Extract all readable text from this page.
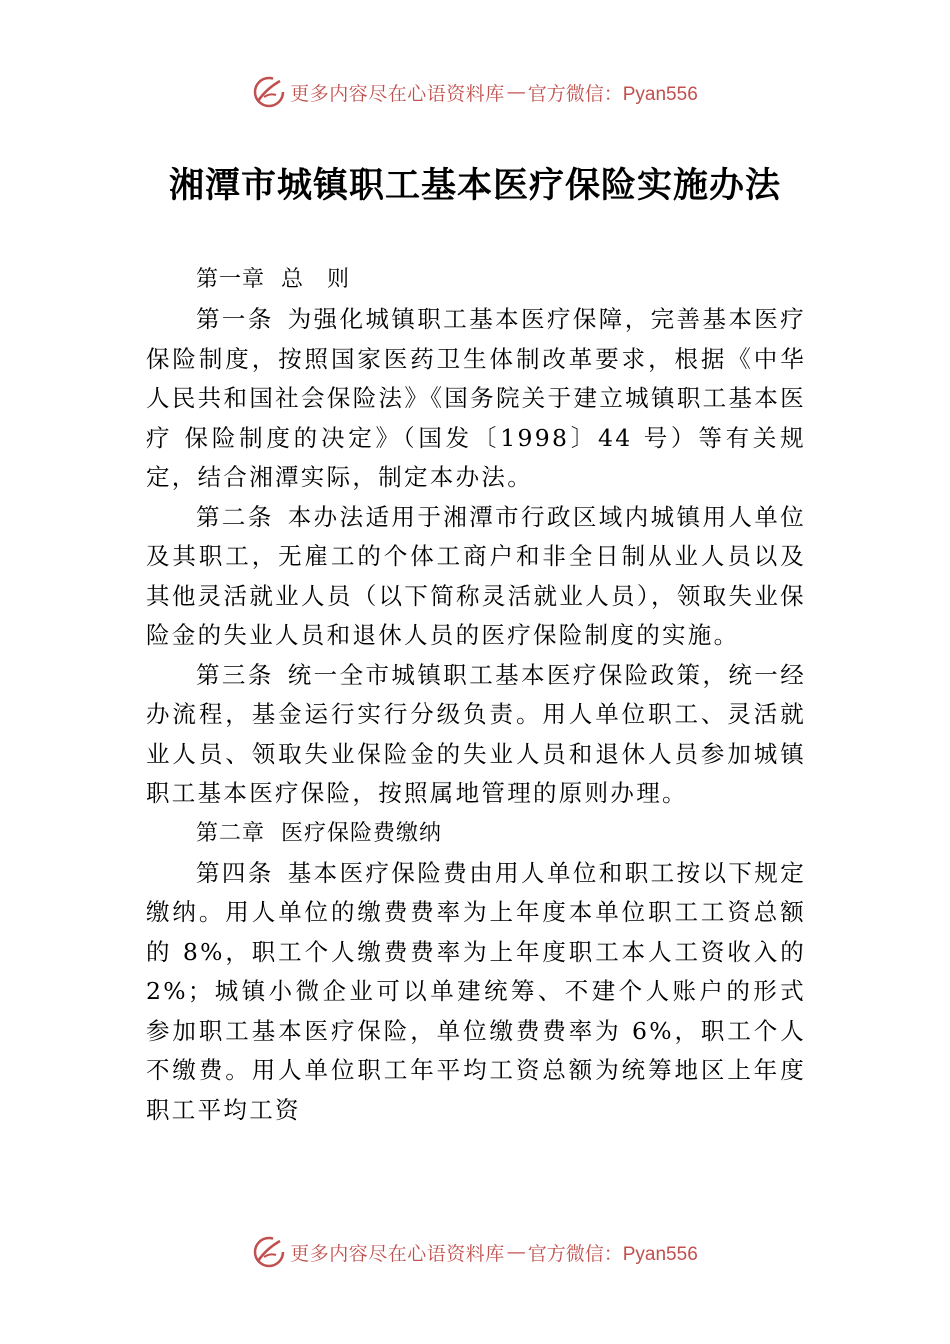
更多内容尽在心语资料库 — 官方微信：Pyan556
湘潭市城镇职工基本医疗保险实施办法

第一章 总　则

第一条 为强化城镇职工基本医疗保障，完善基本医疗保险制度，按照国家医药卫生体制改革要求，根据《中华人民共和国社会保险法》《国务院关于建立城镇职工基本医疗 保险制度的决定》（国发〔1998〕44 号）等有关规定，结合湘潭实际，制定本办法。

第二条 本办法适用于湘潭市行政区域内城镇用人单位及其职工，无雇工的个体工商户和非全日制从业人员以及其他灵活就业人员（以下简称灵活就业人员），领取失业保险金的失业人员和退休人员的医疗保险制度的实施。

第三条 统一全市城镇职工基本医疗保险政策，统一经办流程，基金运行实行分级负责。用人单位职工、灵活就业人员、领取失业保险金的失业人员和退休人员参加城镇职工基本医疗保险，按照属地管理的原则办理。

第二章 医疗保险费缴纳

第四条 基本医疗保险费由用人单位和职工按以下规定缴纳。用人单位的缴费费率为上年度本单位职工工资总额的 8%，职工个人缴费费率为上年度职工本人工资收入的 2%；城镇小微企业可以单建统筹、不建个人账户的形式参加职工基本医疗保险，单位缴费费率为 6%，职工个人不缴费。用人单位职工年平均工资总额为统筹地区上年度职工平均工资

更多内容尽在心语资料库 — 官方微信：Pyan556
